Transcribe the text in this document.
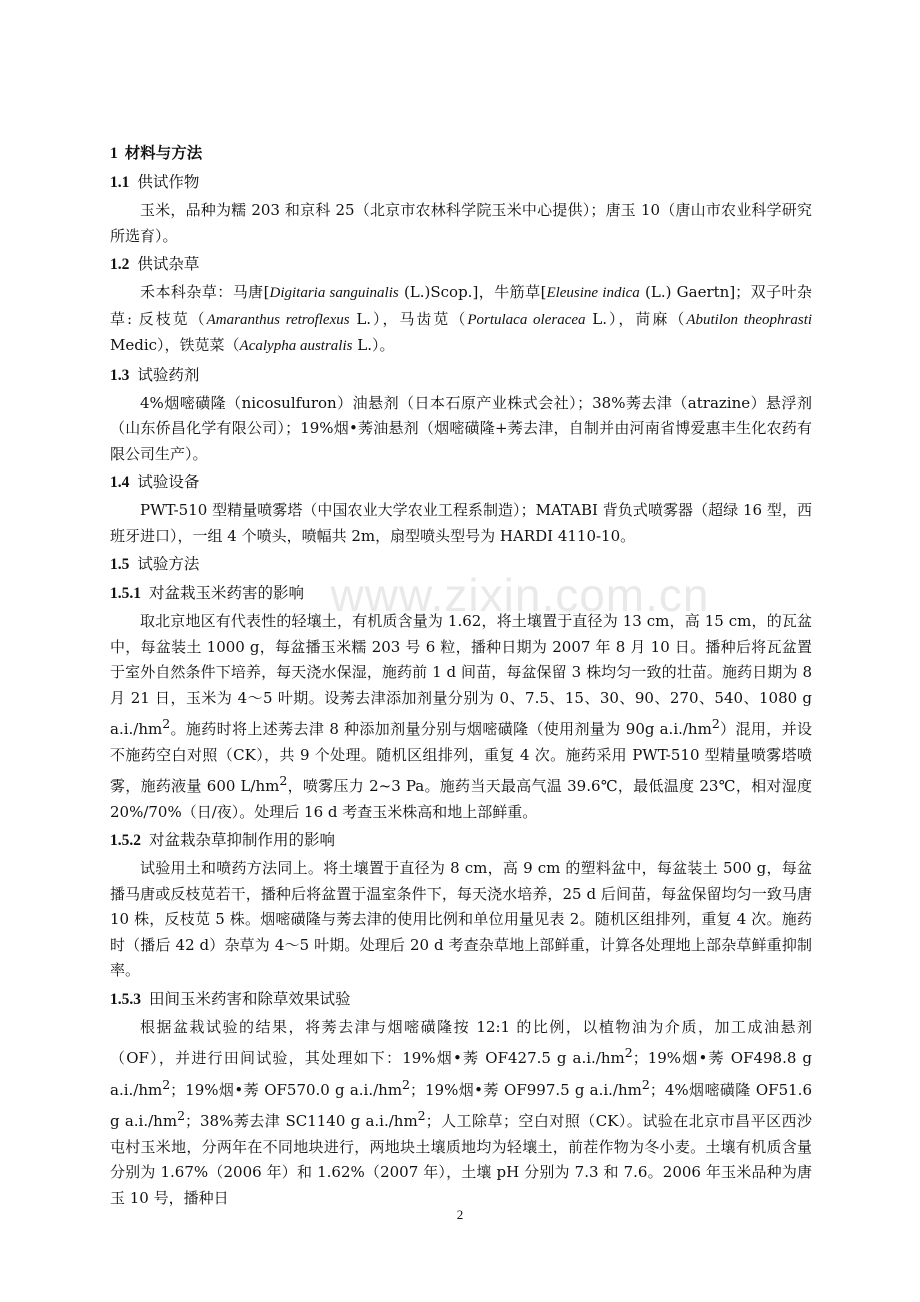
1 材料与方法
1.1 供试作物

玉米，品种为糯 203 和京科 25（北京市农林科学院玉米中心提供）；唐玉 10（唐山市农业科学研究所选育）。

1.2 供试杂草

禾本科杂草：马唐[Digitaria sanguinalis (L.)Scop.]，牛筋草[Eleusine indica (L.) Gaertn]；双子叶杂草: 反枝苋（Amaranthus retroflexus L.），马齿苋（Portulaca oleracea L.），苘麻（Abutilon theophrasti Medic），铁苋菜（Acalypha australis L.）。

1.3 试验药剂

4%烟嘧磺隆（nicosulfuron）油悬剂（日本石原产业株式会社）；38%莠去津（atrazine）悬浮剂（山东侨昌化学有限公司）；19%烟•莠油悬剂（烟嘧磺隆+莠去津，自制并由河南省博爱惠丰生化农药有限公司生产）。

1.4 试验设备

PWT-510 型精量喷雾塔（中国农业大学农业工程系制造）；MATABI 背负式喷雾器（超绿 16 型，西班牙进口），一组 4 个喷头，喷幅共 2m，扇型喷头型号为 HARDI 4110-10。

1.5 试验方法
1.5.1 对盆栽玉米药害的影响

取北京地区有代表性的轻壤土，有机质含量为 1.62，将土壤置于直径为 13 cm，高 15 cm，的瓦盆中，每盆装土 1000 g，每盆播玉米糯 203 号 6 粒，播种日期为 2007 年 8 月 10 日。播种后将瓦盆置于室外自然条件下培养，每天浇水保湿，施药前 1 d 间苗，每盆保留 3 株均匀一致的壮苗。施药日期为 8 月 21 日，玉米为 4～5 叶期。设莠去津添加剂量分别为 0、7.5、15、30、90、270、540、1080 g $a.i./hm^2$。施药时将上述莠去津 8 种添加剂量分别与烟嘧磺隆（使用剂量为 90g $a.i./hm^2$）混用，并设不施药空白对照（CK），共 9 个处理。随机区组排列，重复 4 次。施药采用 PWT-510 型精量喷雾塔喷雾，施药液量 600 $L/hm^2$，喷雾压力 2~3 Pa。施药当天最高气温 39.6℃，最低温度 23℃，相对湿度 20%/70%（日/夜）。处理后 16 d 考查玉米株高和地上部鲜重。

1.5.2 对盆栽杂草抑制作用的影响

试验用土和喷药方法同上。将土壤置于直径为 8 cm，高 9 cm 的塑料盆中，每盆装土 500 g，每盆播马唐或反枝苋若干，播种后将盆置于温室条件下，每天浇水培养，25 d 后间苗，每盆保留均匀一致马唐 10 株，反枝苋 5 株。烟嘧磺隆与莠去津的使用比例和单位用量见表 2。随机区组排列，重复 4 次。施药时（播后 42 d）杂草为 4～5 叶期。处理后 20 d 考查杂草地上部鲜重，计算各处理地上部杂草鲜重抑制率。

1.5.3 田间玉米药害和除草效果试验

根据盆栽试验的结果，将莠去津与烟嘧磺隆按 12:1 的比例，以植物油为介质，加工成油悬剂（OF），并进行田间试验，其处理如下：19%烟•莠 OF427.5 g $a.i./hm^2$；19%烟•莠 OF498.8 g $a.i./hm^2$；19%烟•莠 OF570.0 g $a.i./hm^2$；19%烟•莠 OF997.5 g $a.i./hm^2$；4%烟嘧磺隆 OF51.6 g $a.i./hm^2$；38%莠去津 SC1140 g $a.i./hm^2$；人工除草；空白对照（CK）。试验在北京市昌平区西沙屯村玉米地，分两年在不同地块进行，两地块土壤质地均为轻壤土，前茬作物为冬小麦。土壤有机质含量分别为 1.67%（2006 年）和 1.62%（2007 年），土壤 pH 分别为 7.3 和 7.6。2006 年玉米品种为唐玉 10 号，播种日

www.zixin.com.cn
2
